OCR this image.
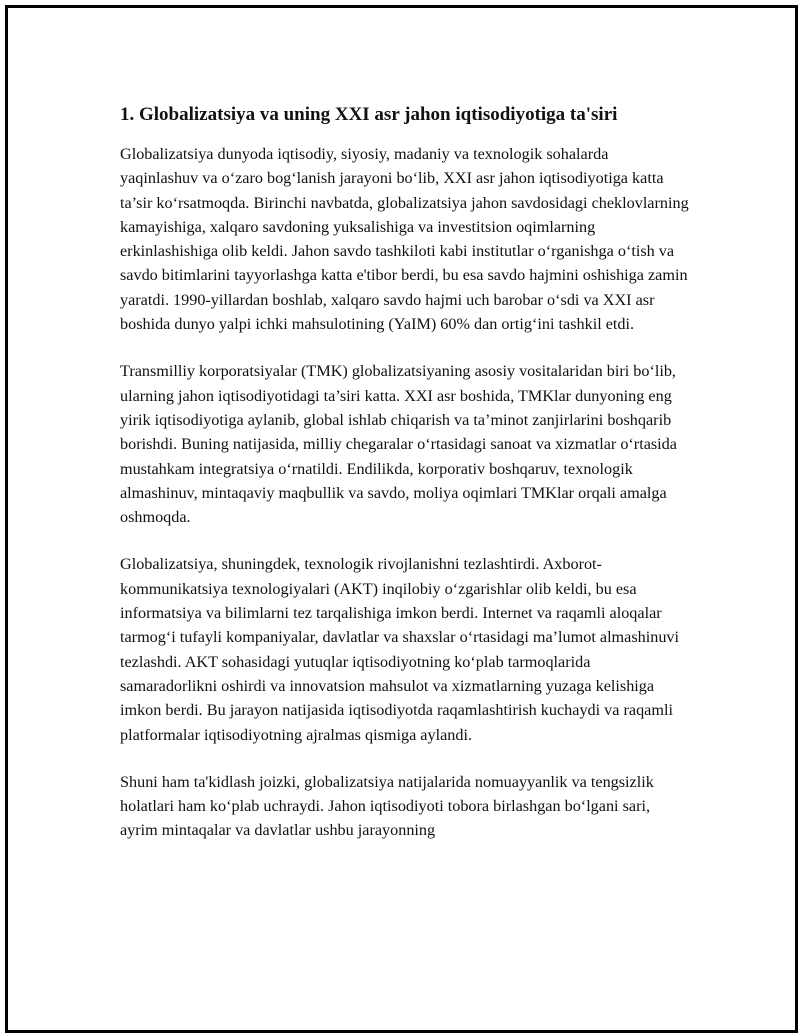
1. Globalizatsiya va uning XXI asr jahon iqtisodiyotiga ta'siri

Globalizatsiya dunyoda iqtisodiy, siyosiy, madaniy va texnologik sohalarda yaqinlashuv va o‘zaro bog‘lanish jarayoni bo‘lib, XXI asr jahon iqtisodiyotiga katta ta’sir ko‘rsatmoqda. Birinchi navbatda, globalizatsiya jahon savdosidagi cheklovlarning kamayishiga, xalqaro savdoning yuksalishiga va investitsion oqimlarning erkinlashishiga olib keldi. Jahon savdo tashkiloti kabi institutlar o‘rganishga o‘tish va savdo bitimlarini tayyorlashga katta e'tibor berdi, bu esa savdo hajmini oshishiga zamin yaratdi. 1990-yillardan boshlab, xalqaro savdo hajmi uch barobar o‘sdi va XXI asr boshida dunyo yalpi ichki mahsulotining (YaIM) 60% dan ortig‘ini tashkil etdi.

Transmilliy korporatsiyalar (TMK) globalizatsiyaning asosiy vositalaridan biri bo‘lib, ularning jahon iqtisodiyotidagi ta’siri katta. XXI asr boshida, TMKlar dunyoning eng yirik iqtisodiyotiga aylanib, global ishlab chiqarish va ta’minot zanjirlarini boshqarib borishdi. Buning natijasida, milliy chegaralar o‘rtasidagi sanoat va xizmatlar o‘rtasida mustahkam integratsiya o‘rnatildi. Endilikda, korporativ boshqaruv, texnologik almashinuv, mintaqaviy maqbullik va savdo, moliya oqimlari TMKlar orqali amalga oshmoqda.

Globalizatsiya, shuningdek, texnologik rivojlanishni tezlashtirdi. Axborot-kommunikatsiya texnologiyalari (AKT) inqilobiy o‘zgarishlar olib keldi, bu esa informatsiya va bilimlarni tez tarqalishiga imkon berdi. Internet va raqamli aloqalar tarmog‘i tufayli kompaniyalar, davlatlar va shaxslar o‘rtasidagi ma’lumot almashinuvi tezlashdi. AKT sohasidagi yutuqlar iqtisodiyotning ko‘plab tarmoqlarida samaradorlikni oshirdi va innovatsion mahsulot va xizmatlarning yuzaga kelishiga imkon berdi. Bu jarayon natijasida iqtisodiyotda raqamlashtirish kuchaydi va raqamli platformalar iqtisodiyotning ajralmas qismiga aylandi.

Shuni ham ta'kidlash joizki, globalizatsiya natijalarida nomuayyanlik va tengsizlik holatlari ham ko‘plab uchraydi. Jahon iqtisodiyoti tobora birlashgan bo‘lgani sari, ayrim mintaqalar va davlatlar ushbu jarayonning
